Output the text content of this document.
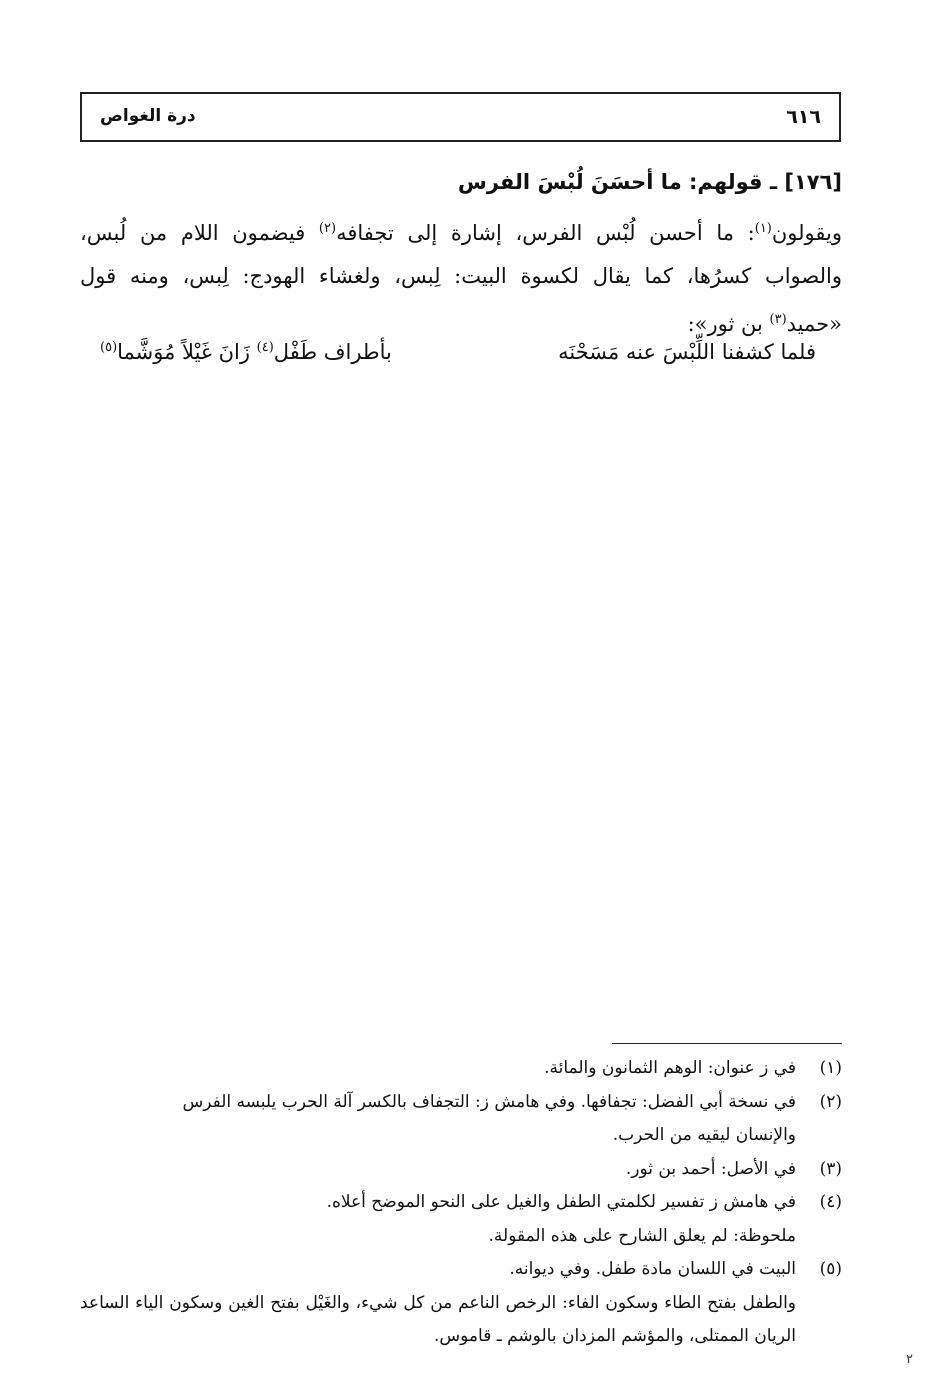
درة الغواص	٦١٦
[١٧٦] ـ قولهم: ما أحسَنَ لُبْسَ الفرس
ويقولون$^{(١)}$: ما أحسن لُبْس الفرس، إشارة إلى تجفافه$^{(٢)}$ فيضمون اللام من لُبس، والصواب كسرُها، كما يقال لكسوة البيت: لِبس، ولغشاء الهودج: لِبس، ومنه قول «حميد$^{(٣)}$ بن ثور»:
فلما كشفنا اللِّبْسَ عنه مَسَحْنَه
بأطراف طَفْل$^{(٤)}$ زَانَ غَيْلاً مُوَشَّما$^{(٥)}$
(١)
في ز عنوان: الوهم الثمانون والمائة.
(٢)
في نسخة أبي الفضل: تجفافها. وفي هامش ز: التجفاف بالكسر آلة الحرب يلبسه الفرس
والإنسان ليقيه من الحرب.
(٣)
في الأصل: أحمد بن ثور.
(٤)
في هامش ز تفسير لكلمتي الطفل والغيل على النحو الموضح أعلاه.
ملحوظة: لم يعلق الشارح على هذه المقولة.
(٥)
البيت في اللسان مادة طفل. وفي ديوانه.
والطفل بفتح الطاء وسكون الفاء: الرخص الناعم من كل شيء، والغَيْل بفتح الغين وسكون الياء الساعد الريان الممتلى، والمؤشم المزدان بالوشم ـ قاموس.
٢
